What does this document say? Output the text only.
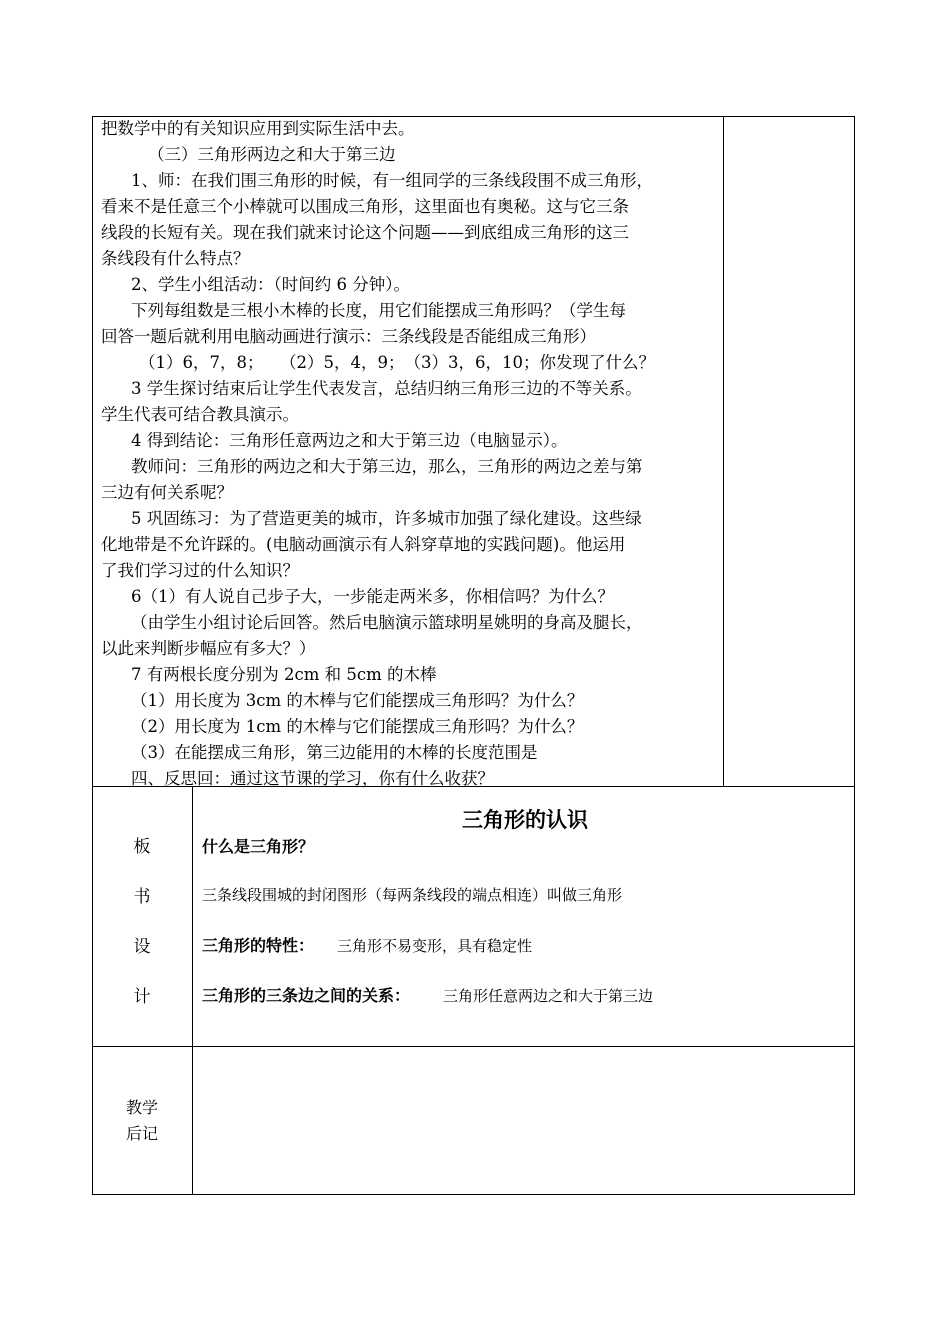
把数学中的有关知识应用到实际生活中去。
（三）三角形两边之和大于第三边
1、师：在我们围三角形的时候，有一组同学的三条线段围不成三角形，
看来不是任意三个小棒就可以围成三角形，这里面也有奥秘。这与它三条
线段的长短有关。现在我们就来讨论这个问题——到底组成三角形的这三
条线段有什么特点？
2、学生小组活动：（时间约 6 分钟）。
下列每组数是三根小木棒的长度，用它们能摆成三角形吗？（学生每
回答一题后就利用电脑动画进行演示：三条线段是否能组成三角形）
（1）6，7，8；　　（2）5，4，9；　（3）3，6，10；你发现了什么？
3 学生探讨结束后让学生代表发言，总结归纳三角形三边的不等关系。
学生代表可结合教具演示。
4 得到结论：三角形任意两边之和大于第三边（电脑显示）。
教师问：三角形的两边之和大于第三边，那么，三角形的两边之差与第
三边有何关系呢？
5 巩固练习：为了营造更美的城市，许多城市加强了绿化建设。这些绿
化地带是不允许踩的。(电脑动画演示有人斜穿草地的实践问题)。他运用
了我们学习过的什么知识？
6（1）有人说自己步子大，一步能走两米多，你相信吗？为什么？
（由学生小组讨论后回答。然后电脑演示篮球明星姚明的身高及腿长，
以此来判断步幅应有多大？）
7 有两根长度分别为 2cm 和 5cm 的木棒
（1）用长度为 3cm 的木棒与它们能摆成三角形吗？为什么？
（2）用长度为 1cm 的木棒与它们能摆成三角形吗？为什么？
（3）在能摆成三角形，第三边能用的木棒的长度范围是
四、反思回：通过这节课的学习，你有什么收获？
板
书
设
计
三角形的认识
什么是三角形？
三条线段围城的封闭图形（每两条线段的端点相连）叫做三角形
三角形的特性： 三角形不易变形，具有稳定性
三角形的三条边之间的关系： 三角形任意两边之和大于第三边
教学
后记
